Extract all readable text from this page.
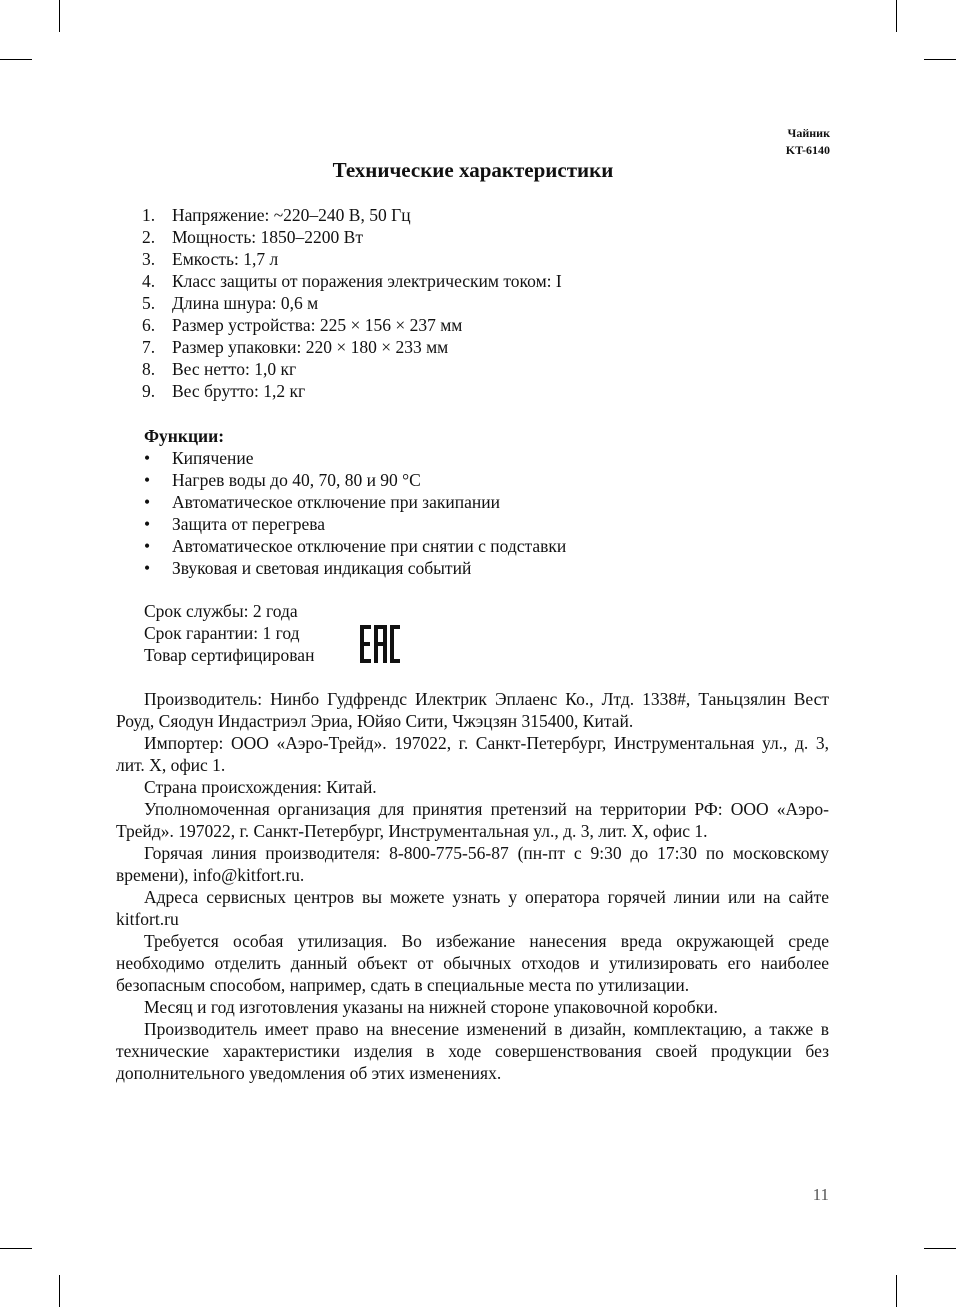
Чайник
KT-6140
Технические характеристики
1. Напряжение: ~220–240 В, 50 Гц
2. Мощность: 1850–2200 Вт
3. Емкость: 1,7 л
4. Класс защиты от поражения электрическим током: I
5. Длина шнура: 0,6 м
6. Размер устройства: 225 × 156 × 237 мм
7. Размер упаковки: 220 × 180 × 233 мм
8. Вес нетто: 1,0 кг
9. Вес брутто: 1,2 кг
Функции:
•	Кипячение
•	Нагрев воды до 40, 70, 80 и 90 °С
•	Автоматическое отключение при закипании
•	Защита от перегрева
•	Автоматическое отключение при снятии с подставки
•	Звуковая и световая индикация событий
Срок службы: 2 года
Срок гарантии: 1 год
Товар сертифицирован

Производитель: Нинбо Гудфрендс Илектрик Эплаенс Ко., Лтд. 1338#, Таньцзялин Вест Роуд, Сяодун Индастриэл Эриа, Юйяо Сити, Чжэцзян 315400, Китай.

Импортер: ООО «Аэро-Трейд». 197022, г. Санкт-Петербург, Инструментальная ул., д. 3, лит. Х, офис 1.

Страна происхождения: Китай.

Уполномоченная организация для принятия претензий на территории РФ: ООО «Аэро-Трейд». 197022, г. Санкт-Петербург, Инструментальная ул., д. 3, лит. Х, офис 1.

Горячая линия производителя: 8-800-775-56-87 (пн-пт с 9:30 до 17:30 по московскому времени), info@kitfort.ru.

Адреса сервисных центров вы можете узнать у оператора горячей линии или на сайте kitfort.ru

Требуется особая утилизация. Во избежание нанесения вреда окружающей среде необходимо отделить данный объект от обычных отходов и утилизировать его наиболее безопасным способом, например, сдать в специальные места по утилизации.

Месяц и год изготовления указаны на нижней стороне упаковочной коробки.

Производитель имеет право на внесение изменений в дизайн, комплектацию, а также в технические характеристики изделия в ходе совершенствования своей продукции без дополнительного уведомления об этих изменениях.

11
